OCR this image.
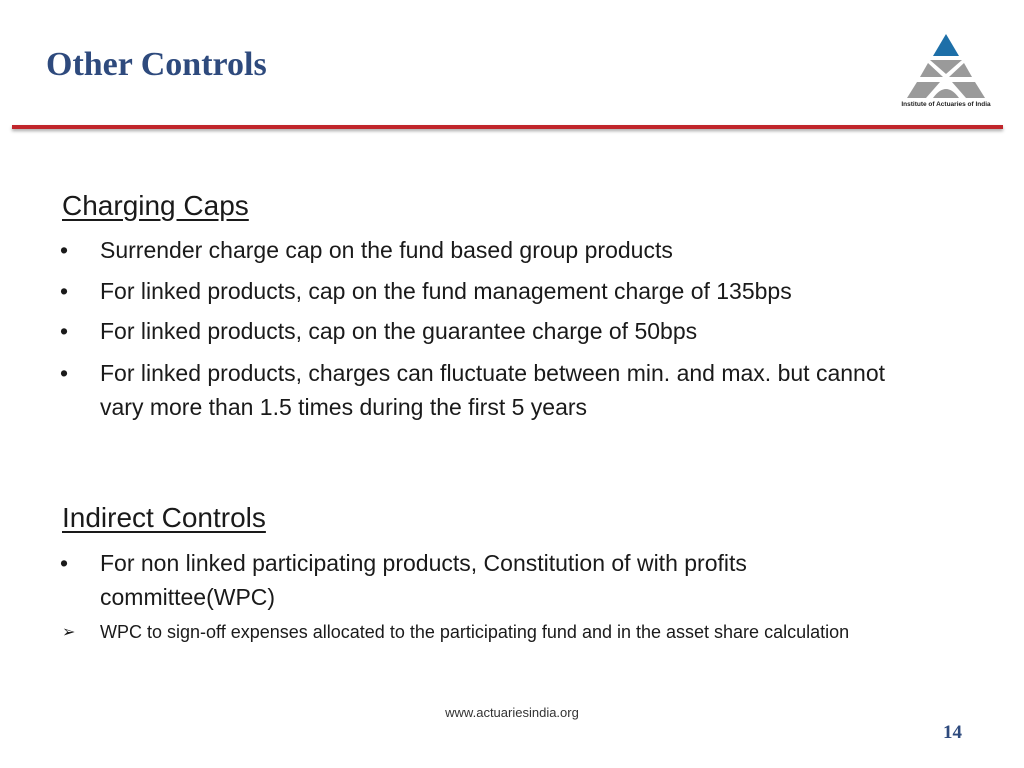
Other Controls
Institute of Actuaries of India
Charging Caps
•	Surrender charge cap on the fund based group products
•	For linked products, cap on the fund management charge of 135bps
•	For linked products, cap on the guarantee charge of 50bps
•	For linked products, charges can fluctuate between min. and max. but cannot vary more than 1.5 times during the first 5 years
Indirect Controls
•	For non linked participating products, Constitution of with profits committee(WPC)
➢ WPC to sign-off expenses allocated to the participating fund and in the asset share calculation
www.actuariesindia.org
14
